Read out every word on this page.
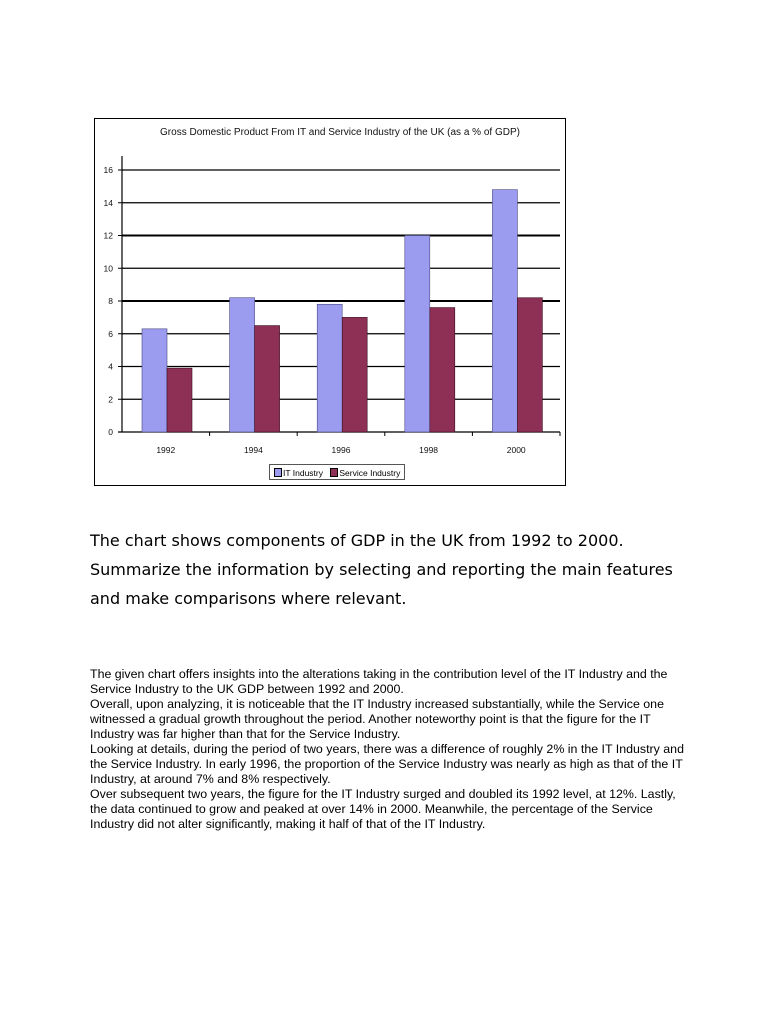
Gross Domestic Product From IT and Service Industry of the UK (as a % of GDP)
0
2
4
6
8
10
12
14
16
1992	1994	1996	1998	2000
IT Industry Service Industry
The chart shows components of GDP in the UK from 1992 to 2000. Summarize the information by selecting and reporting the main features and make comparisons where relevant.

The given chart offers insights into the alterations taking in the contribution level of the IT Industry and the Service Industry to the UK GDP between 1992 and 2000.

Overall, upon analyzing, it is noticeable that the IT Industry increased substantially, while the Service one witnessed a gradual growth throughout the period. Another noteworthy point is that the figure for the IT Industry was far higher than that for the Service Industry.

Looking at details, during the period of two years, there was a difference of roughly 2% in the IT Industry and the Service Industry. In early 1996, the proportion of the Service Industry was nearly as high as that of the IT Industry, at around 7% and 8% respectively.

Over subsequent two years, the figure for the IT Industry surged and doubled its 1992 level, at 12%. Lastly, the data continued to grow and peaked at over 14% in 2000. Meanwhile, the percentage of the Service Industry did not alter significantly, making it half of that of the IT Industry.
